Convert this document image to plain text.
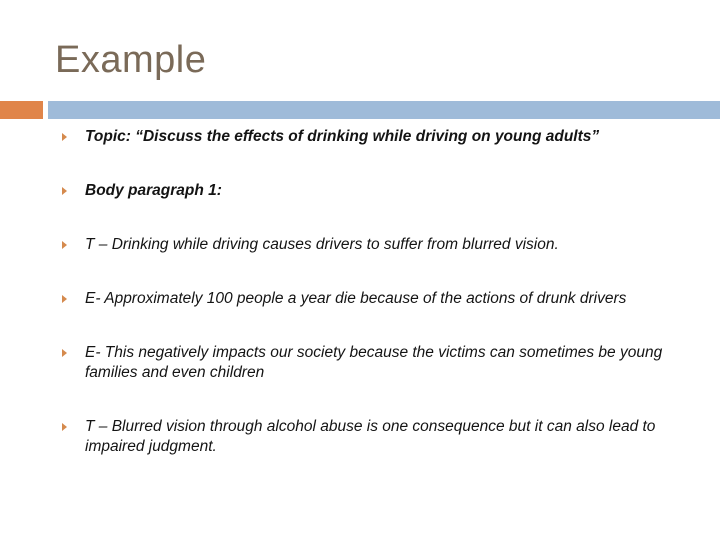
Example
Topic: “Discuss the effects of drinking while driving on young adults”
Body paragraph 1:
T – Drinking while driving causes drivers to suffer from blurred vision.
E- Approximately 100 people a year die because of the actions of drunk drivers
E- This negatively impacts our society because the victims can sometimes be young families and even children
T – Blurred vision through alcohol abuse is one consequence but it can also lead to impaired judgment.
